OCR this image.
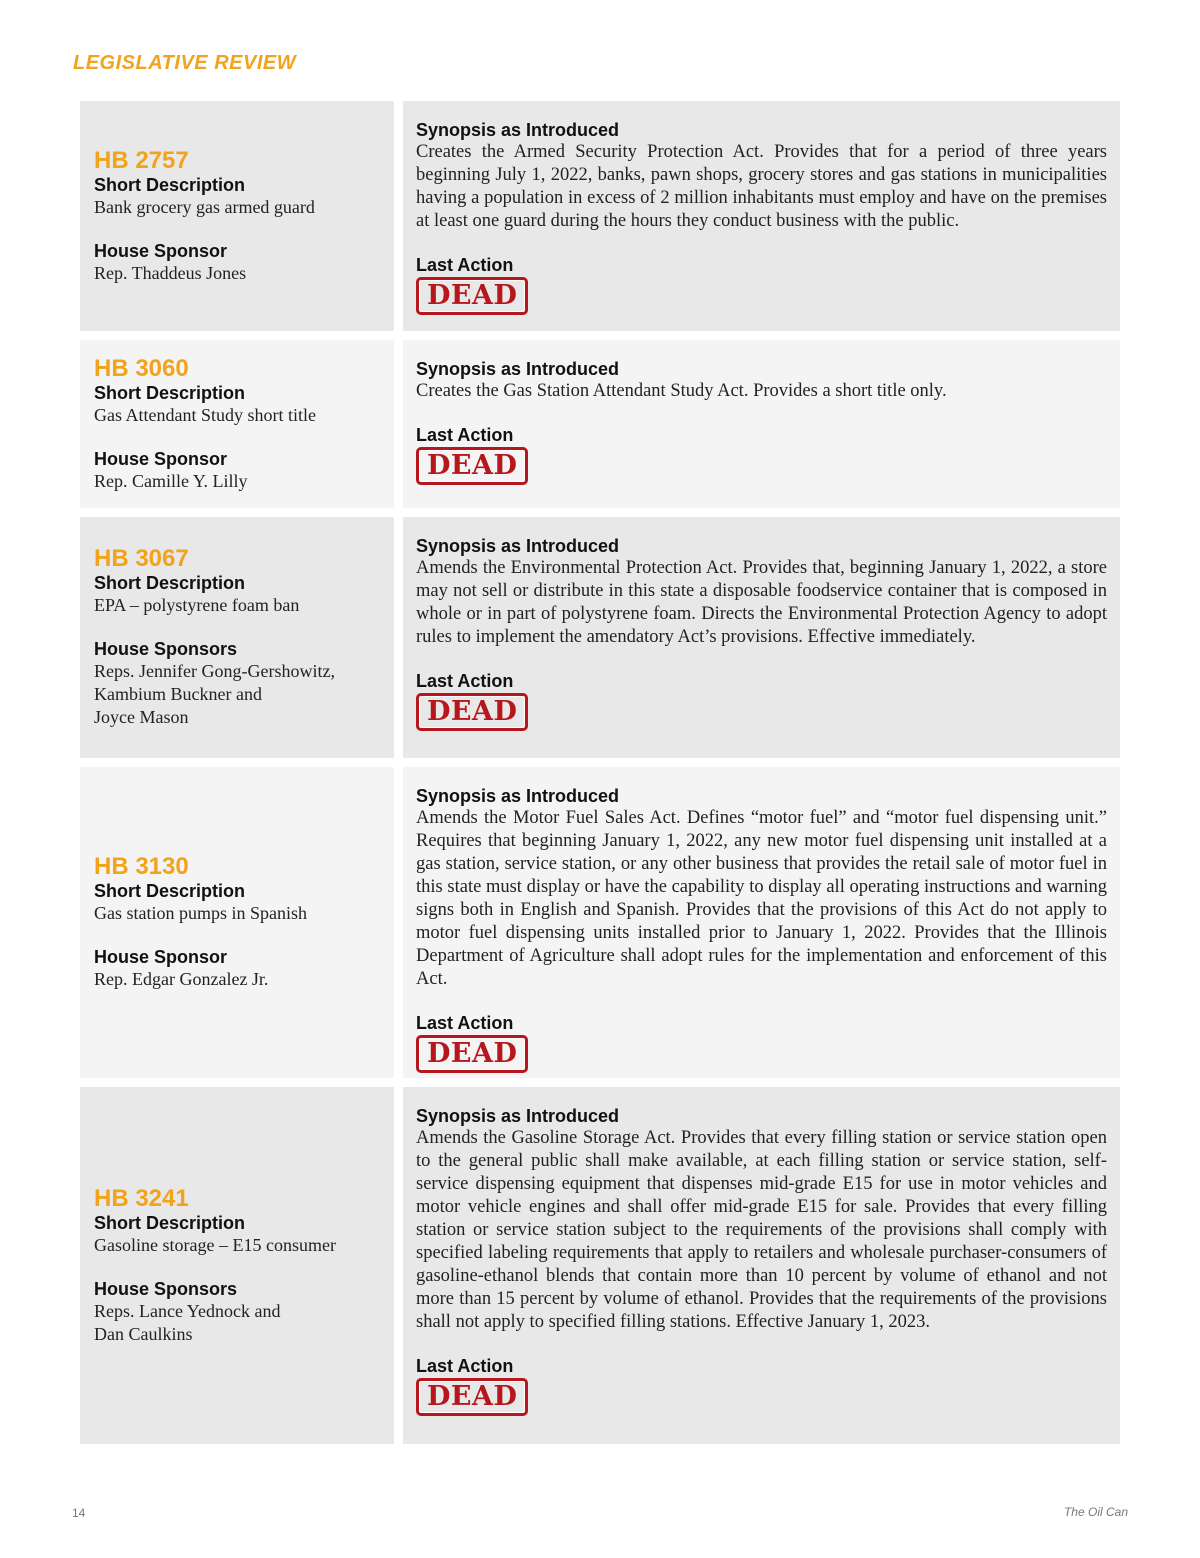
LEGISLATIVE REVIEW
HB 2757
Short Description
Bank grocery gas armed guard
House Sponsor
Rep. Thaddeus Jones
Synopsis as Introduced
Creates the Armed Security Protection Act. Provides that for a period of three years beginning July 1, 2022, banks, pawn shops, grocery stores and gas stations in municipalities having a population in excess of 2 million inhabitants must employ and have on the premises at least one guard during the hours they conduct business with the public.
Last Action
DEAD
HB 3060
Short Description
Gas Attendant Study short title
House Sponsor
Rep. Camille Y. Lilly
Synopsis as Introduced
Creates the Gas Station Attendant Study Act. Provides a short title only.
Last Action
DEAD
HB 3067
Short Description
EPA – polystyrene foam ban
House Sponsors
Reps. Jennifer Gong-Gershowitz,
Kambium Buckner and
Joyce Mason
Synopsis as Introduced
Amends the Environmental Protection Act. Provides that, beginning January 1, 2022, a store may not sell or distribute in this state a disposable foodservice container that is composed in whole or in part of polystyrene foam. Directs the Environmental Protection Agency to adopt rules to implement the amendatory Act’s provisions. Effective immediately.
Last Action
DEAD
HB 3130
Short Description
Gas station pumps in Spanish
House Sponsor
Rep. Edgar Gonzalez Jr.
Synopsis as Introduced
Amends the Motor Fuel Sales Act. Defines “motor fuel” and “motor fuel dispensing unit.” Requires that beginning January 1, 2022, any new motor fuel dispensing unit installed at a gas station, service station, or any other business that provides the retail sale of motor fuel in this state must display or have the capability to display all operating instructions and warning signs both in English and Spanish. Provides that the provisions of this Act do not apply to motor fuel dispensing units installed prior to January 1, 2022. Provides that the Illinois Department of Agriculture shall adopt rules for the implementation and enforcement of this Act.
Last Action
DEAD
HB 3241
Short Description
Gasoline storage – E15 consumer
House Sponsors
Reps. Lance Yednock and
Dan Caulkins
Synopsis as Introduced
Amends the Gasoline Storage Act. Provides that every filling station or service station open to the general public shall make available, at each filling station or service station, self-service dispensing equipment that dispenses mid-grade E15 for use in motor vehicles and motor vehicle engines and shall offer mid-grade E15 for sale. Provides that every filling station or service station subject to the requirements of the provisions shall comply with specified labeling requirements that apply to retailers and wholesale purchaser-consumers of gasoline-ethanol blends that contain more than 10 percent by volume of ethanol and not more than 15 percent by volume of ethanol. Provides that the requirements of the provisions shall not apply to specified filling stations. Effective January 1, 2023.
Last Action
DEAD
14	The Oil Can
